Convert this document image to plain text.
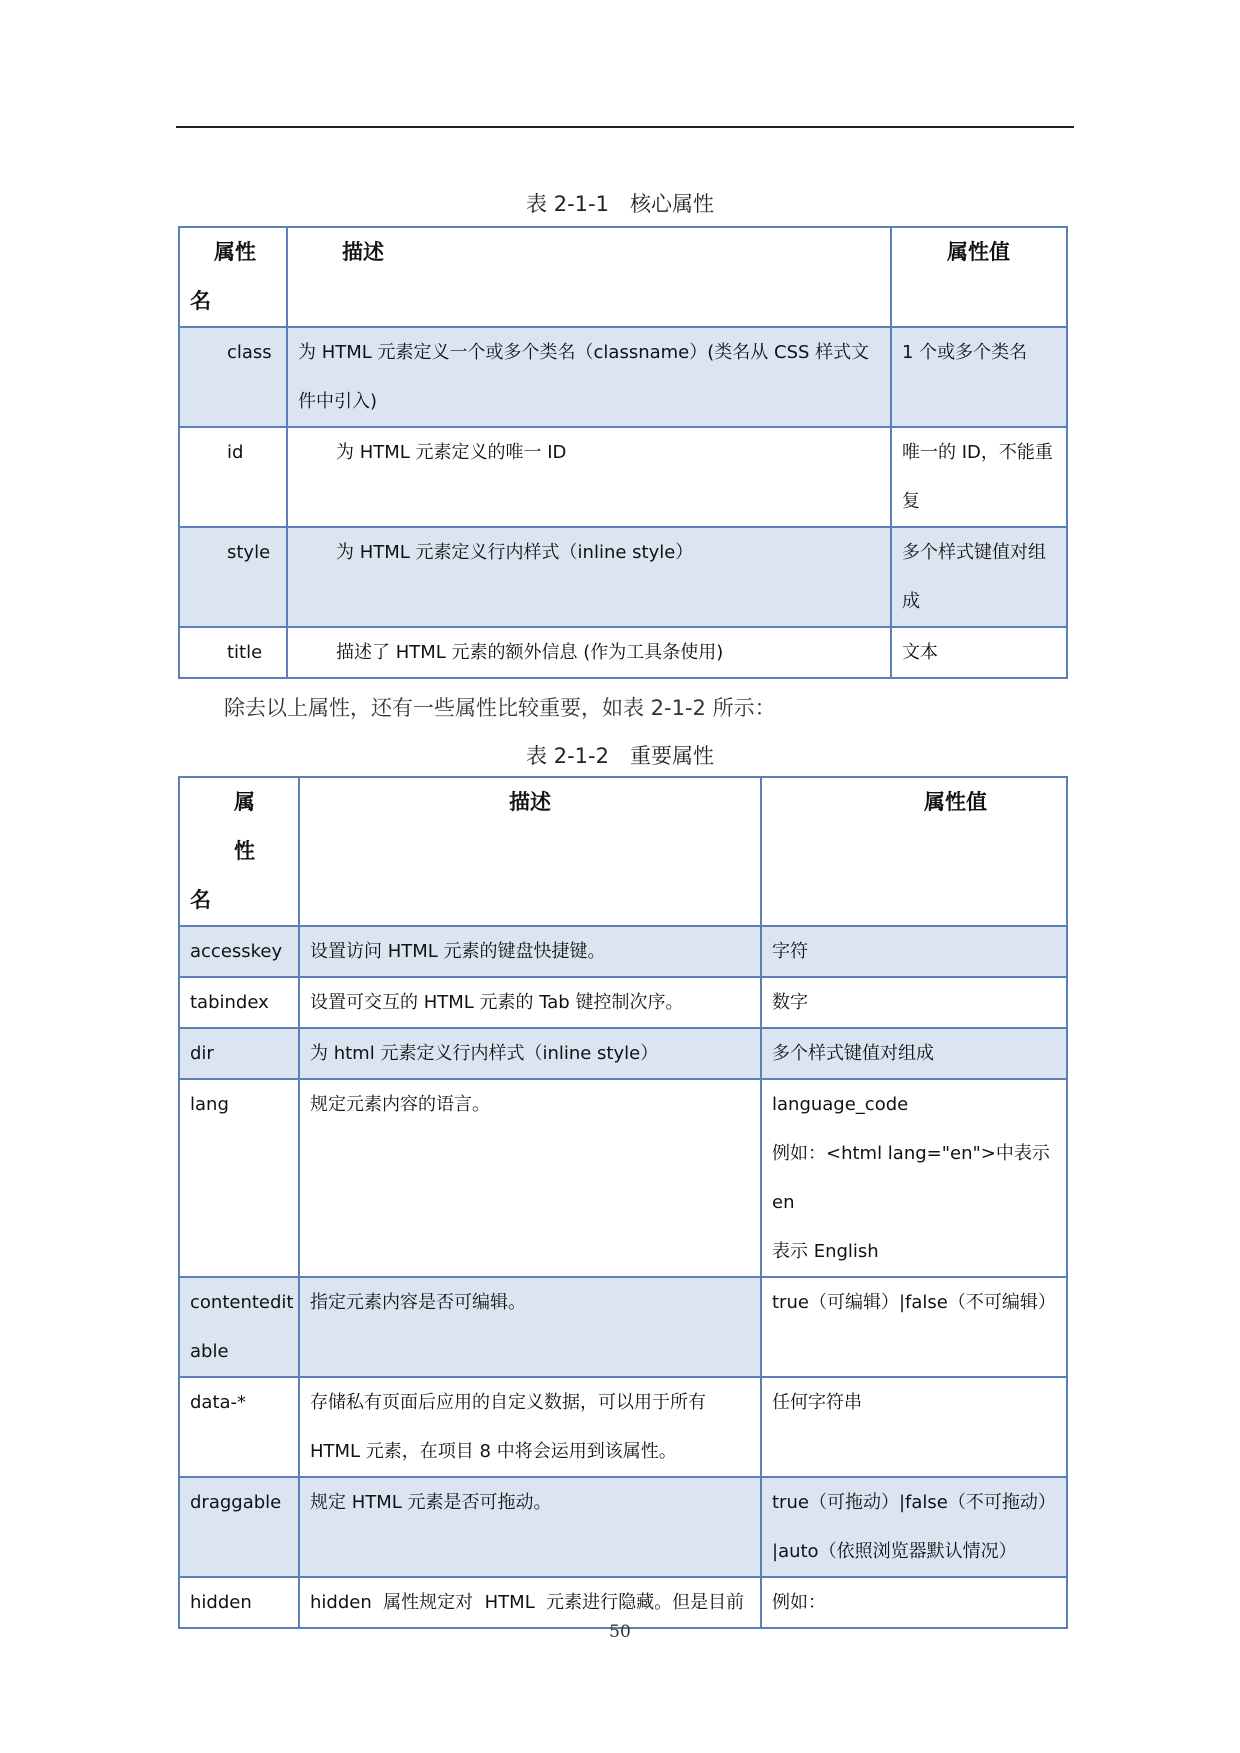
表 2-1-1　核心属性
属性
名	描述	属性值
class	为 HTML 元素定义一个或多个类名（classname）(类名从 CSS 样式文
件中引入)	1 个或多个类名
id	为 HTML 元素定义的唯一 ID	唯一的 ID，不能重
复

style	为 HTML 元素定义行内样式（inline style）	多个样式键值对组
成

title	描述了 HTML 元素的额外信息 (作为工具条使用)	文本
除去以上属性，还有一些属性比较重要，如表 2-1-2 所示：
表 2-1-2　重要属性
属 性
名	描述	属性值
accesskey	设置访问 HTML 元素的键盘快捷键。	字符
tabindex	设置可交互的 HTML 元素的 Tab 键控制次序。	数字
dir	为 html 元素定义行内样式（inline style）	多个样式键值对组成
lang	规定元素内容的语言。	language_code
例如：<html lang="en">中表示 en
表示 English

contentedit
able	指定元素内容是否可编辑。	true（可编辑）|false（不可编辑）
data-*	存储私有页面后应用的自定义数据，可以用于所有
HTML 元素，在项目 8 中将会运用到该属性。	任何字符串
draggable	规定 HTML 元素是否可拖动。	true（可拖动）|false（不可拖动）
|auto（依照浏览器默认情况）

hidden	hidden  属性规定对  HTML  元素进行隐藏。但是目前	例如：
50
